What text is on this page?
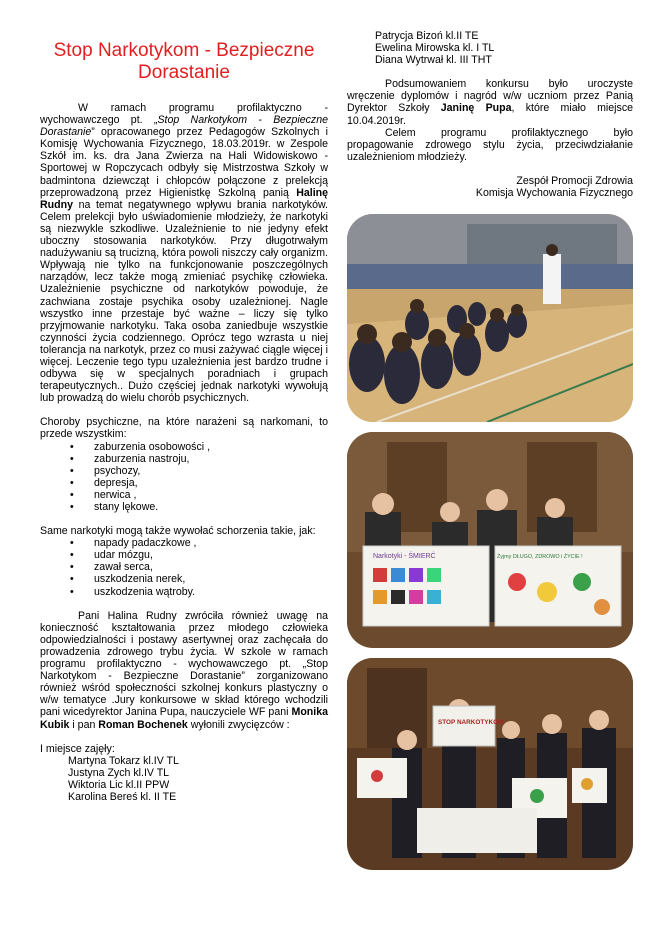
Stop Narkotykom - Bezpieczne Dorastanie

W ramach programu profilaktyczno - wychowawczego pt. „Stop Narkotykom - Bezpieczne Dorastanie” opracowanego przez Pedagogów Szkolnych i Komisję Wychowania Fizycznego, 18.03.2019r. w Zespole Szkół im. ks. dra Jana Zwierza na Hali Widowiskowo - Sportowej w Ropczycach odbyły się Mistrzostwa Szkoły w badmintona dziewcząt i chłopców połączone z prelekcją przeprowadzoną przez Higienistkę Szkolną panią Halinę Rudny na temat negatywnego wpływu brania narkotyków. Celem prelekcji było uświadomienie młodzieży, że narkotyki są niezwykle szkodliwe. Uzależnienie to nie jedyny efekt uboczny stosowania narkotyków. Przy długotrwałym nadużywaniu są trucizną, która powoli niszczy cały organizm. Wpływają nie tylko na funkcjonowanie poszczególnych narządów, lecz także mogą zmieniać psychikę człowieka. Uzależnienie psychiczne od narkotyków powoduje, że zachwiana zostaje psychika osoby uzależnionej. Nagle wszystko inne przestaje być ważne – liczy się tylko przyjmowanie narkotyku. Taka osoba zaniedbuje wszystkie czynności życia codziennego. Oprócz tego wzrasta u niej tolerancja na narkotyk, przez co musi zażywać ciągle więcej i więcej. Leczenie tego typu uzależnienia jest bardzo trudne i odbywa się w specjalnych poradniach i grupach terapeutycznych.. Dużo częściej jednak narkotyki wywołują lub prowadzą do wielu chorób psychicznych.

Choroby psychiczne, na które narażeni są narkomani, to przede wszystkim:

• zaburzenia osobowości ,
• zaburzenia nastroju,
• psychozy,
• depresja,
• nerwica ,
• stany lękowe.

Same narkotyki mogą także wywołać schorzenia takie, jak:

• napady padaczkowe ,
• udar mózgu,
• zawał serca,
• uszkodzenia nerek,
• uszkodzenia wątroby.

Pani Halina Rudny zwróciła również uwagę na konieczność kształtowania przez młodego człowieka odpowiedzialności i postawy asertywnej oraz zachęcała do prowadzenia zdrowego trybu życia. W szkole w ramach programu profilaktyczno - wychowawczego pt. „Stop Narkotykom - Bezpieczne Dorastanie” zorganizowano również wśród społeczności szkolnej konkurs plastyczny o w/w tematyce .Jury konkursowe w skład którego wchodzili pani wicedyrektor Janina Pupa, nauczyciele WF pani Monika Kubik i pan Roman Bochenek wyłonili zwycięzców :

I miejsce zajęły:

Martyna Tokarz kl.IV TL
Justyna Zych kl.IV TL
Wiktoria Lic kl.II PPW
Karolina Bereś kl. II TE
Patrycja Bizoń kl.II TE
Ewelina Mirowska kl. I TL
Diana Wytrwał kl. III THT

Podsumowaniem konkursu było uroczyste wręczenie dyplomów i nagród w/w uczniom przez Panią Dyrektor Szkoły Janinę Pupa, które miało miejsce 10.04.2019r.

Celem programu profilaktycznego było propagowanie zdrowego stylu życia, przeciwdziałanie uzależnieniom młodzieży.

Zespół Promocji Zdrowia
Komisja Wychowania Fizycznego
Narkotyki - ŚMIERĆ	Żyjmy DŁUGO, ZDROWO i ŻYCIE !
STOP NARKOTYKOM
